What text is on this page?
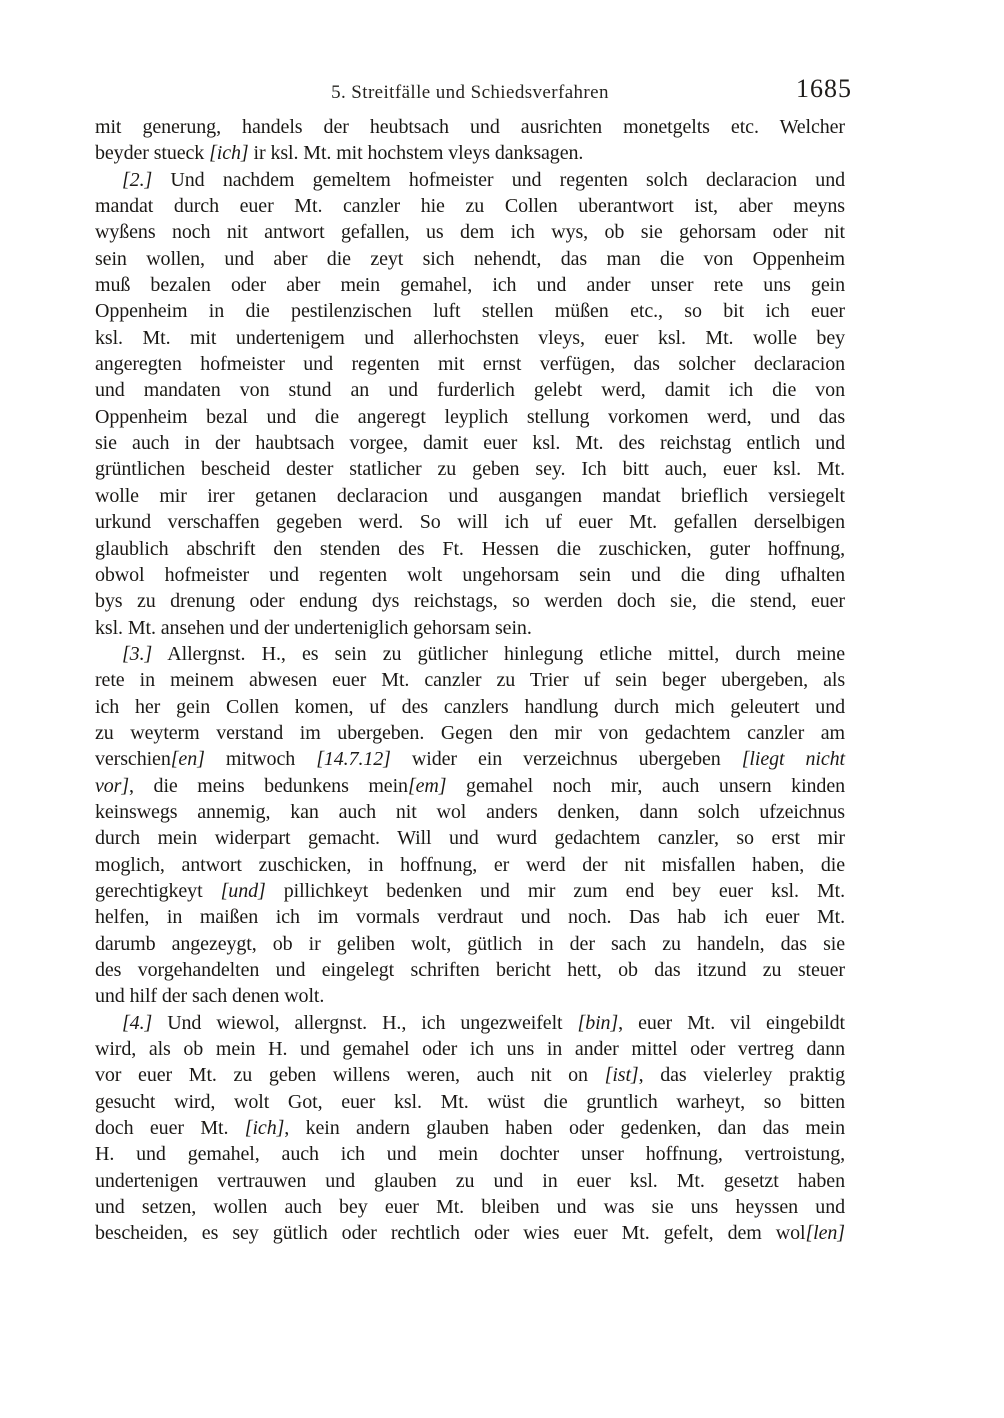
5. Streitfälle und Schiedsverfahren	1685
mit generung, handels der heubtsach und ausrichten monetgelts etc. Welcher
beyder stueck [ich] ir ksl. Mt. mit hochstem vleys danksagen.
[2.] Und nachdem gemeltem hofmeister und regenten solch declaracion und
mandat durch euer Mt. canzler hie zu Collen uberantwort ist, aber meyns
wyßens noch nit antwort gefallen, us dem ich wys, ob sie gehorsam oder nit
sein wollen, und aber die zeyt sich nehendt, das man die von Oppenheim
muß bezalen oder aber mein gemahel, ich und ander unser rete uns gein
Oppenheim in die pestilenzischen luft stellen müßen etc., so bit ich euer
ksl. Mt. mit undertenigem und allerhochsten vleys, euer ksl. Mt. wolle bey
angeregten hofmeister und regenten mit ernst verfügen, das solcher declaracion
und mandaten von stund an und furderlich gelebt werd, damit ich die von
Oppenheim bezal und die angeregt leyplich stellung vorkomen werd, und das
sie auch in der haubtsach vorgee, damit euer ksl. Mt. des reichstag entlich und
grüntlichen bescheid dester statlicher zu geben sey. Ich bitt auch, euer ksl. Mt.
wolle mir irer getanen declaracion und ausgangen mandat brieflich versiegelt
urkund verschaffen gegeben werd. So will ich uf euer Mt. gefallen derselbigen
glaublich abschrift den stenden des Ft. Hessen die zuschicken, guter hoffnung,
obwol hofmeister und regenten wolt ungehorsam sein und die ding ufhalten
bys zu drenung oder endung dys reichstags, so werden doch sie, die stend, euer
ksl. Mt. ansehen und der underteniglich gehorsam sein.
[3.] Allergnst. H., es sein zu gütlicher hinlegung etliche mittel, durch meine
rete in meinem abwesen euer Mt. canzler zu Trier uf sein beger ubergeben, als
ich her gein Collen komen, uf des canzlers handlung durch mich geleutert und
zu weyterm verstand im ubergeben. Gegen den mir von gedachtem canzler am
verschien[en] mitwoch [14.7.12] wider ein verzeichnus ubergeben [liegt nicht
vor], die meins bedunkens mein[em] gemahel noch mir, auch unsern kinden
keinswegs annemig, kan auch nit wol anders denken, dann solch ufzeichnus
durch mein widerpart gemacht. Will und wurd gedachtem canzler, so erst mir
moglich, antwort zuschicken, in hoffnung, er werd der nit misfallen haben, die
gerechtigkeyt [und] pillichkeyt bedenken und mir zum end bey euer ksl. Mt.
helfen, in maißen ich im vormals verdraut und noch. Das hab ich euer Mt.
darumb angezeygt, ob ir geliben wolt, gütlich in der sach zu handeln, das sie
des vorgehandelten und eingelegt schriften bericht hett, ob das itzund zu steuer
und hilf der sach denen wolt.
[4.] Und wiewol, allergnst. H., ich ungezweifelt [bin], euer Mt. vil eingebildt
wird, als ob mein H. und gemahel oder ich uns in ander mittel oder vertreg dann
vor euer Mt. zu geben willens weren, auch nit on [ist], das vielerley praktig
gesucht wird, wolt Got, euer ksl. Mt. wüst die gruntlich warheyt, so bitten
doch euer Mt. [ich], kein andern glauben haben oder gedenken, dan das mein
H. und gemahel, auch ich und mein dochter unser hoffnung, vertroistung,
undertenigen vertrauwen und glauben zu und in euer ksl. Mt. gesetzt haben
und setzen, wollen auch bey euer Mt. bleiben und was sie uns heyssen und
bescheiden, es sey gütlich oder rechtlich oder wies euer Mt. gefelt, dem wol[len]
